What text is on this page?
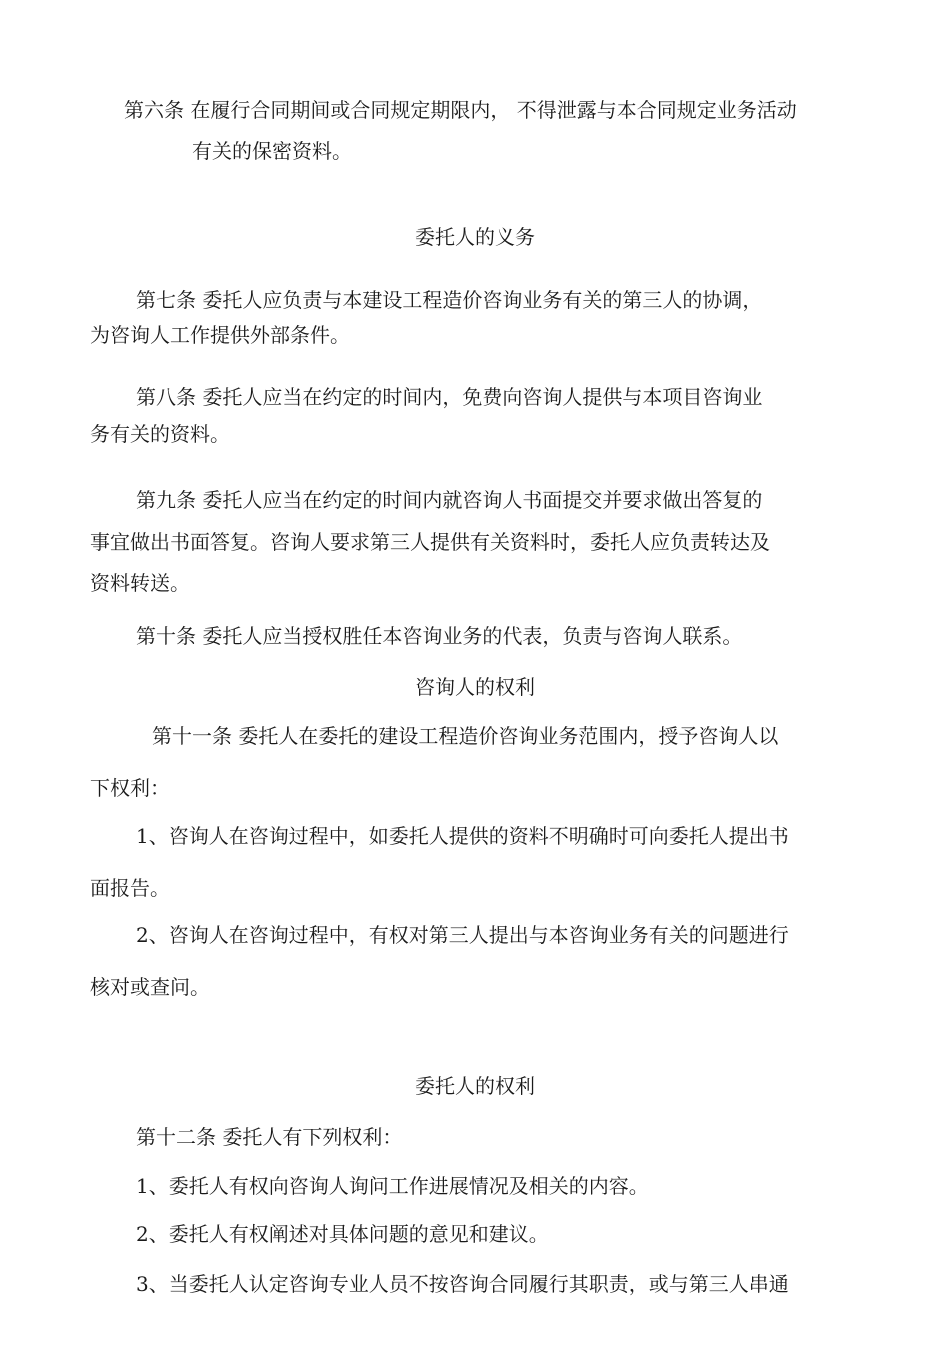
第六条 在履行合同期间或合同规定期限内， 不得泄露与本合同规定业务活动
有关的保密资料。
委托人的义务
第七条 委托人应负责与本建设工程造价咨询业务有关的第三人的协调，
为咨询人工作提供外部条件。
第八条 委托人应当在约定的时间内，免费向咨询人提供与本项目咨询业
务有关的资料。
第九条 委托人应当在约定的时间内就咨询人书面提交并要求做出答复的
事宜做出书面答复。咨询人要求第三人提供有关资料时，委托人应负责转达及
资料转送。
第十条 委托人应当授权胜任本咨询业务的代表，负责与咨询人联系。
咨询人的权利
第十一条 委托人在委托的建设工程造价咨询业务范围内，授予咨询人以
下权利：
1、咨询人在咨询过程中，如委托人提供的资料不明确时可向委托人提出书
面报告。
2、咨询人在咨询过程中，有权对第三人提出与本咨询业务有关的问题进行
核对或查问。
委托人的权利
第十二条 委托人有下列权利：
1、委托人有权向咨询人询问工作进展情况及相关的内容。
2、委托人有权阐述对具体问题的意见和建议。
3、当委托人认定咨询专业人员不按咨询合同履行其职责，或与第三人串通
